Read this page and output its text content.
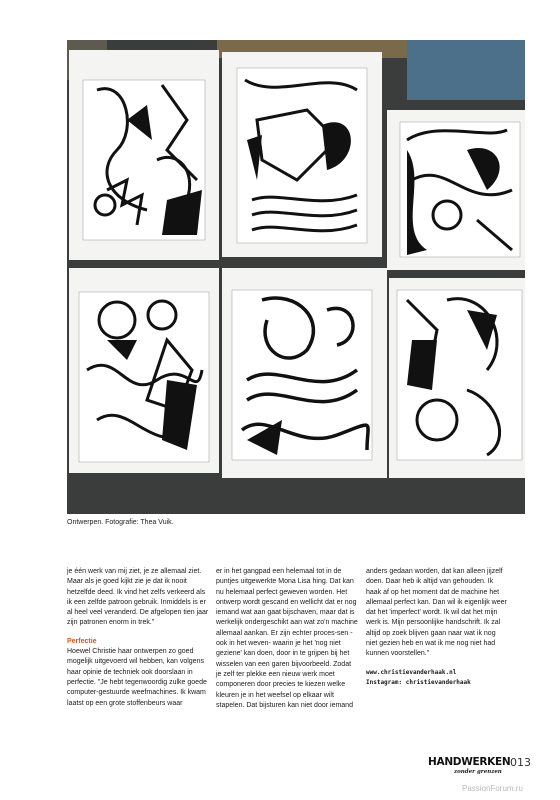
Ontwerpen. Fotografie: Thea Vuik.

je één werk van mij ziet, je ze allemaal ziet. Maar als je goed kijkt zie je dat ik nooit hetzelfde deed. Ik vind het zelfs verkeerd als ik een zelfde patroon gebruik. Inmiddels is er al heel veel veranderd. De afgelopen tien jaar zijn patronen enorm in trek."

Perfectie

Hoewel Christie haar ontwerpen zo goed mogelijk uitgevoerd wil hebben, kan volgens haar opinie de techniek ook doorslaan in perfectie. "Je hebt tegenwoordig zulke goede computer-gestuurde weefmachines. Ik kwam laatst op een grote stoffenbeurs waar

er in het gangpad een helemaal tot in de puntjes uitgewerkte Mona Lisa hing. Dat kan nu helemaal perfect geweven worden. Het ontwerp wordt gescand en wellicht dat er nog iemand wat aan gaat bijschaven, maar dat is werkelijk ondergeschikt aan wat zo'n machine allemaal aankan. Er zijn echter proces-sen -ook in het weven- waarin je het 'nog niet geziene' kan doen, door in te grijpen bij het wisselen van een garen bijvoorbeeld. Zodat je zelf ter plekke een nieuw werk moet componeren door precies te kiezen welke kleuren je in het weefsel op elkaar wilt stapelen. Dat bijsturen kan niet door iemand

anders gedaan worden, dat kan alleen jijzelf doen. Daar heb ik altijd van gehouden. Ik haak af op het moment dat de machine het allemaal perfect kan. Dan wil ik eigenlijk weer dat het 'imperfect' wordt. Ik wil dat het mijn werk is. Mijn persoonlijke handschrift. Ik zal altijd op zoek blijven gaan naar wat ik nog niet gezien heb en wat ik me nog niet had kunnen voorstellen."

www.christievanderhaak.nl
Instagram: christievanderhaak

HANDWERKEN
zonder grenzen
013
PassionForum.ru
